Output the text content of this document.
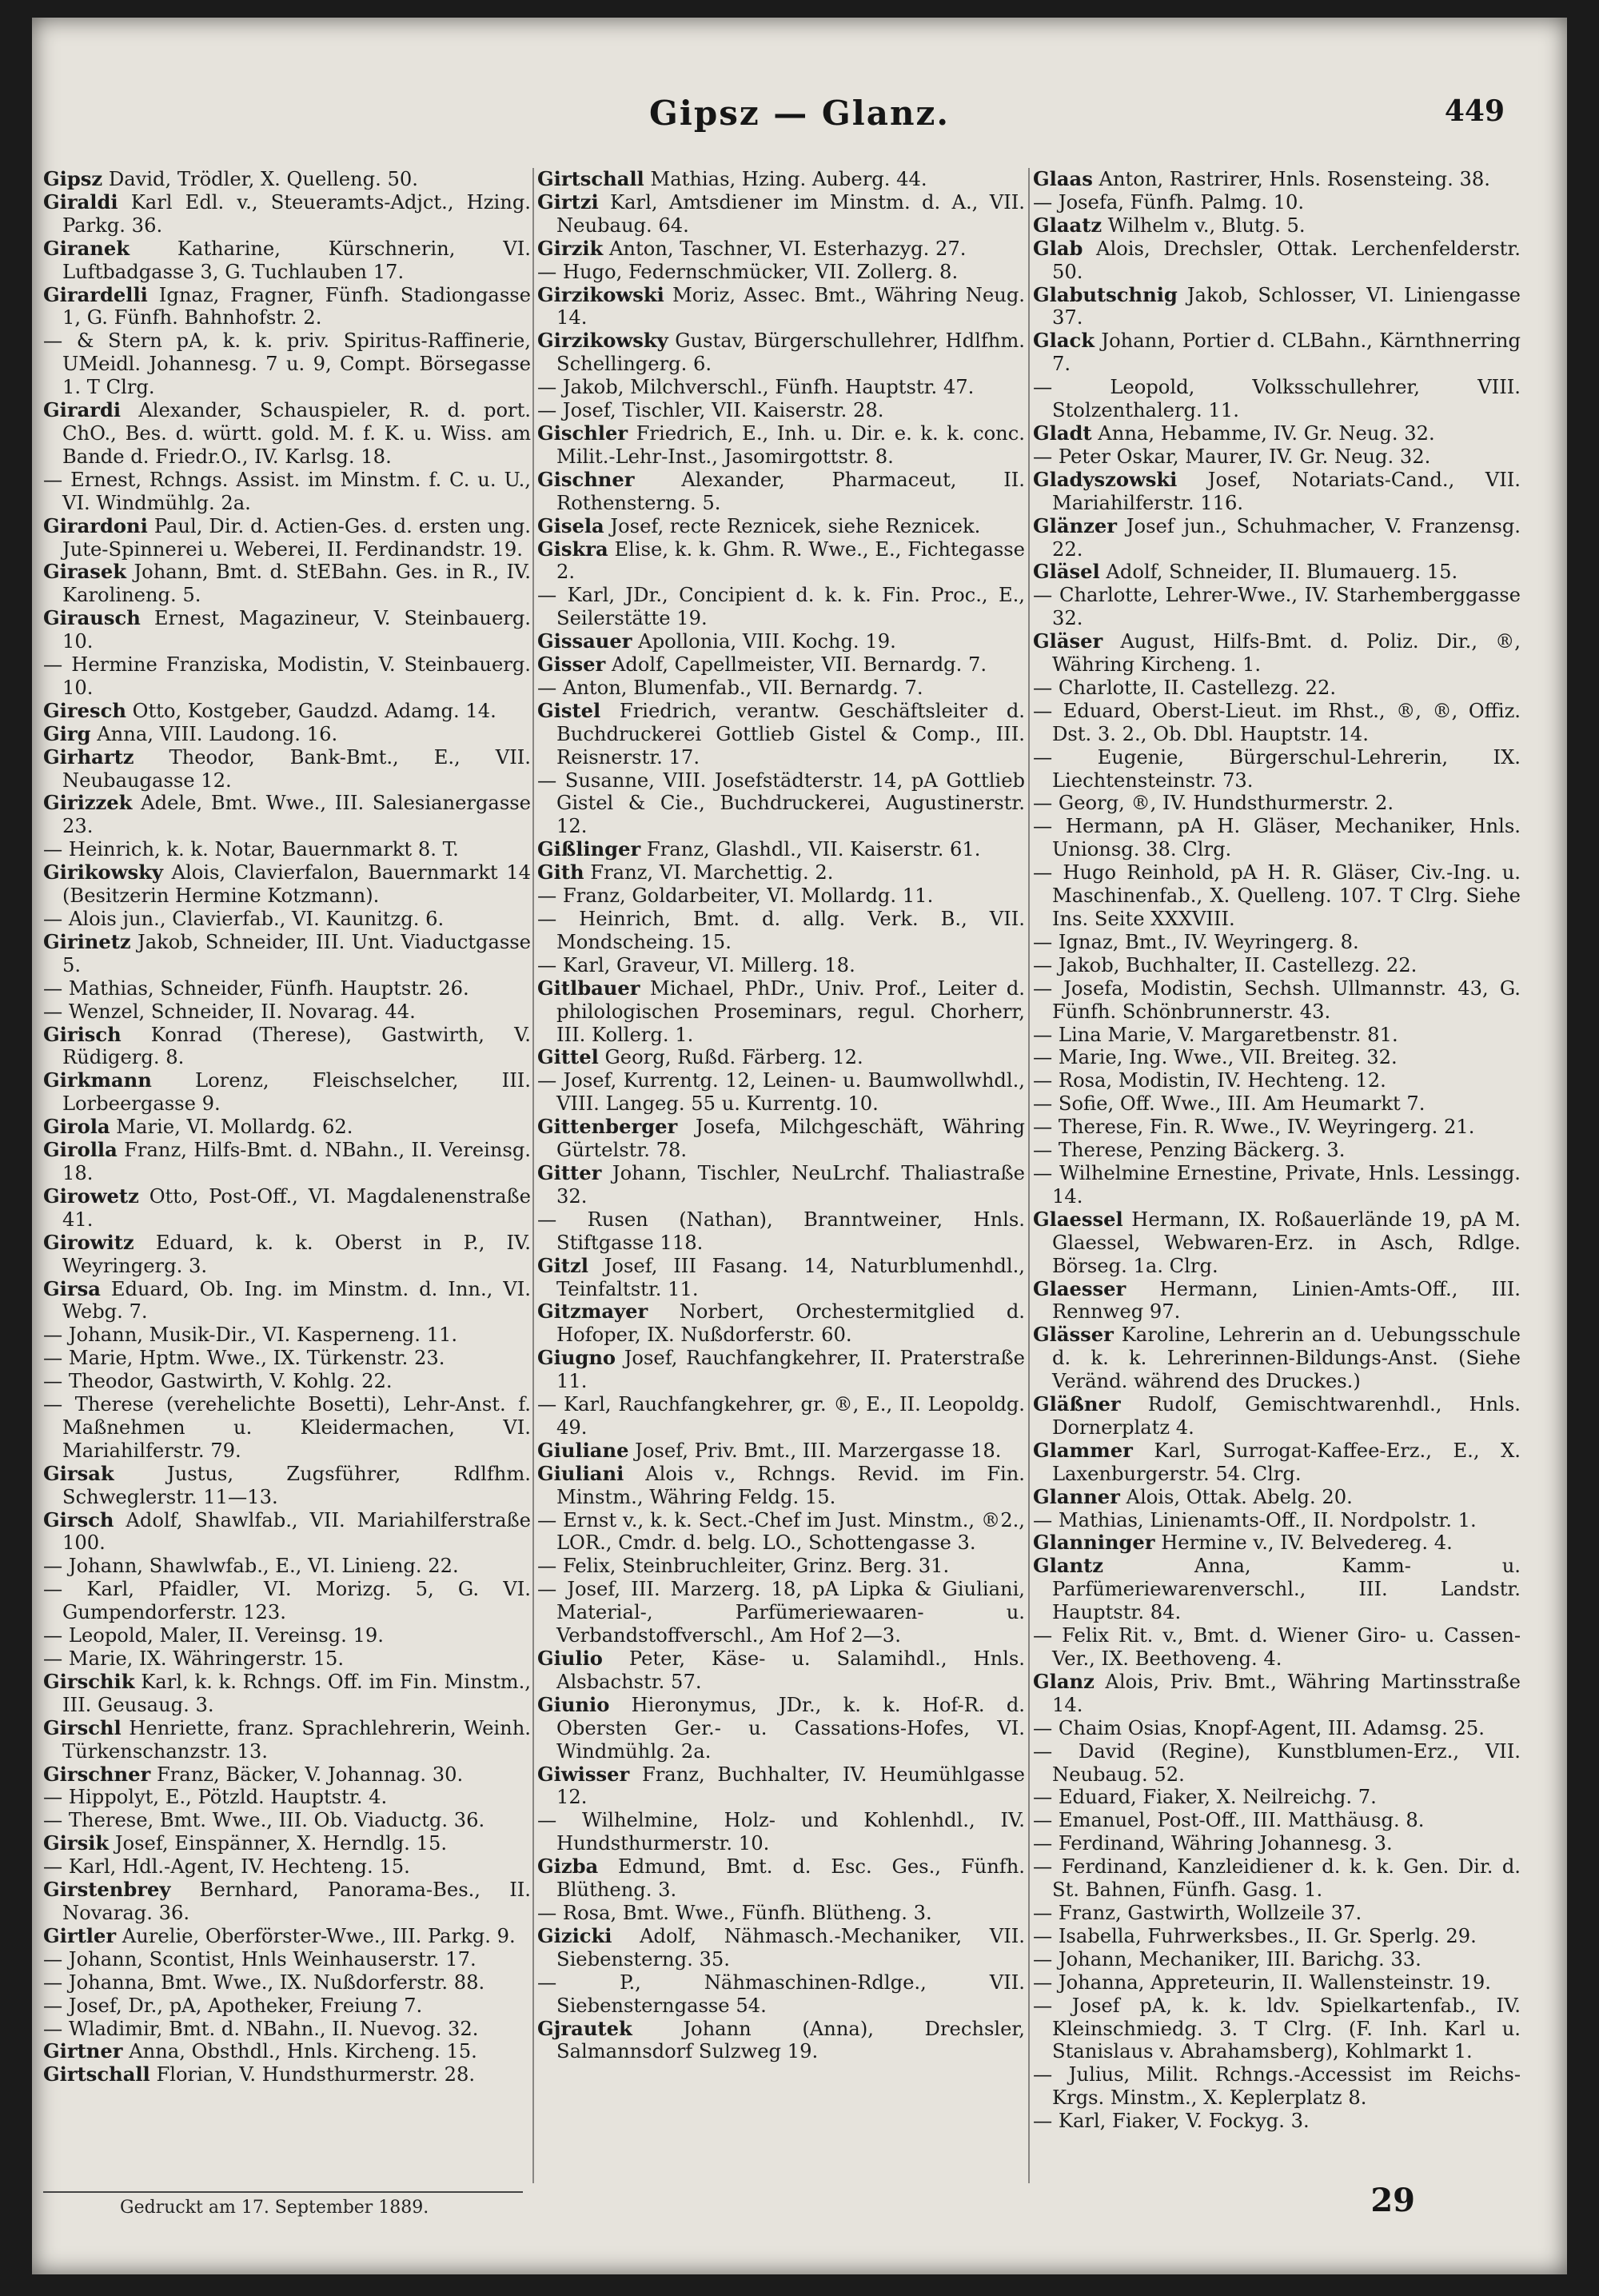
Gipsz — Glanz.	449
Gipsz David, Trödler, X. Quelleng. 50.
Giraldi Karl Edl. v., Steueramts-Adjct., Hzing. Parkg. 36.
Giranek Katharine, Kürschnerin, VI. Luftbadgasse 3, G. Tuchlauben 17.
Girardelli Ignaz, Fragner, Fünfh. Stadiongasse 1, G. Fünfh. Bahnhofstr. 2.
— & Stern pA, k. k. priv. Spiritus-Raffinerie, UMeidl. Johannesg. 7 u. 9, Compt. Börsegasse 1. T Clrg.
Girardi Alexander, Schauspieler, R. d. port. ChO., Bes. d. württ. gold. M. f. K. u. Wiss. am Bande d. Friedr.O., IV. Karlsg. 18.
— Ernest, Rchngs. Assist. im Minstm. f. C. u. U., VI. Windmühlg. 2a.
Girardoni Paul, Dir. d. Actien-Ges. d. ersten ung. Jute-Spinnerei u. Weberei, II. Ferdinandstr. 19.
Girasek Johann, Bmt. d. StEBahn. Ges. in R., IV. Karolineng. 5.
Girausch Ernest, Magazineur, V. Steinbauerg. 10.
— Hermine Franziska, Modistin, V. Steinbauerg. 10.
Giresch Otto, Kostgeber, Gaudzd. Adamg. 14.
Girg Anna, VIII. Laudong. 16.
Girhartz Theodor, Bank-Bmt., E., VII. Neubaugasse 12.
Girizzek Adele, Bmt. Wwe., III. Salesianergasse 23.
— Heinrich, k. k. Notar, Bauernmarkt 8. T.
Girikowsky Alois, Clavierfalon, Bauernmarkt 14 (Besitzerin Hermine Kotzmann).
— Alois jun., Clavierfab., VI. Kaunitzg. 6.
Girinetz Jakob, Schneider, III. Unt. Viaductgasse 5.
— Mathias, Schneider, Fünfh. Hauptstr. 26.
— Wenzel, Schneider, II. Novarag. 44.
Girisch Konrad (Therese), Gastwirth, V. Rüdigerg. 8.
Girkmann Lorenz, Fleischselcher, III. Lorbeergasse 9.
Girola Marie, VI. Mollardg. 62.
Girolla Franz, Hilfs-Bmt. d. NBahn., II. Vereinsg. 18.
Girowetz Otto, Post-Off., VI. Magdalenenstraße 41.
Girowitz Eduard, k. k. Oberst in P., IV. Weyringerg. 3.
Girsa Eduard, Ob. Ing. im Minstm. d. Inn., VI. Webg. 7.
— Johann, Musik-Dir., VI. Kasperneng. 11.
— Marie, Hptm. Wwe., IX. Türkenstr. 23.
— Theodor, Gastwirth, V. Kohlg. 22.
— Therese (verehelichte Bosetti), Lehr-Anst. f. Maßnehmen u. Kleidermachen, VI. Mariahilferstr. 79.
Girsak Justus, Zugsführer, Rdlfhm. Schweglerstr. 11—13.
Girsch Adolf, Shawlfab., VII. Mariahilferstraße 100.
— Johann, Shawlwfab., E., VI. Linieng. 22.
— Karl, Pfaidler, VI. Morizg. 5, G. VI. Gumpendorferstr. 123.
— Leopold, Maler, II. Vereinsg. 19.
— Marie, IX. Währingerstr. 15.
Girschik Karl, k. k. Rchngs. Off. im Fin. Minstm., III. Geusaug. 3.
Girschl Henriette, franz. Sprachlehrerin, Weinh. Türkenschanzstr. 13.
Girschner Franz, Bäcker, V. Johannag. 30.
— Hippolyt, E., Pötzld. Hauptstr. 4.
— Therese, Bmt. Wwe., III. Ob. Viaductg. 36.
Girsik Josef, Einspänner, X. Herndlg. 15.
— Karl, Hdl.-Agent, IV. Hechteng. 15.
Girstenbrey Bernhard, Panorama-Bes., II. Novarag. 36.
Girtler Aurelie, Oberförster-Wwe., III. Parkg. 9.
— Johann, Scontist, Hnls Weinhauserstr. 17.
— Johanna, Bmt. Wwe., IX. Nußdorferstr. 88.
— Josef, Dr., pA, Apotheker, Freiung 7.
— Wladimir, Bmt. d. NBahn., II. Nuevog. 32.
Girtner Anna, Obsthdl., Hnls. Kircheng. 15.
Girtschall Florian, V. Hundsthurmerstr. 28.
Girtschall Mathias, Hzing. Auberg. 44.
Girtzi Karl, Amtsdiener im Minstm. d. A., VII. Neubaug. 64.
Girzik Anton, Taschner, VI. Esterhazyg. 27.
— Hugo, Federnschmücker, VII. Zollerg. 8.
Girzikowski Moriz, Assec. Bmt., Währing Neug. 14.
Girzikowsky Gustav, Bürgerschullehrer, Hdlfhm. Schellingerg. 6.
— Jakob, Milchverschl., Fünfh. Hauptstr. 47.
— Josef, Tischler, VII. Kaiserstr. 28.
Gischler Friedrich, E., Inh. u. Dir. e. k. k. conc. Milit.-Lehr-Inst., Jasomirgottstr. 8.
Gischner Alexander, Pharmaceut, II. Rothensterng. 5.
Gisela Josef, recte Reznicek, siehe Reznicek.
Giskra Elise, k. k. Ghm. R. Wwe., E., Fichtegasse 2.
— Karl, JDr., Concipient d. k. k. Fin. Proc., E., Seilerstätte 19.
Gissauer Apollonia, VIII. Kochg. 19.
Gisser Adolf, Capellmeister, VII. Bernardg. 7.
— Anton, Blumenfab., VII. Bernardg. 7.
Gistel Friedrich, verantw. Geschäftsleiter d. Buchdruckerei Gottlieb Gistel & Comp., III. Reisnerstr. 17.
— Susanne, VIII. Josefstädterstr. 14, pA Gottlieb Gistel & Cie., Buchdruckerei, Augustinerstr. 12.
Gißlinger Franz, Glashdl., VII. Kaiserstr. 61.
Gith Franz, VI. Marchettig. 2.
— Franz, Goldarbeiter, VI. Mollardg. 11.
— Heinrich, Bmt. d. allg. Verk. B., VII. Mondscheing. 15.
— Karl, Graveur, VI. Millerg. 18.
Gitlbauer Michael, PhDr., Univ. Prof., Leiter d. philologischen Proseminars, regul. Chorherr, III. Kollerg. 1.
Gittel Georg, Rußd. Färberg. 12.
— Josef, Kurrentg. 12, Leinen- u. Baumwollwhdl., VIII. Langeg. 55 u. Kurrentg. 10.
Gittenberger Josefa, Milchgeschäft, Währing Gürtelstr. 78.
Gitter Johann, Tischler, NeuLrchf. Thaliastraße 32.
— Rusen (Nathan), Branntweiner, Hnls. Stiftgasse 118.
Gitzl Josef, III Fasang. 14, Naturblumenhdl., Teinfaltstr. 11.
Gitzmayer Norbert, Orchestermitglied d. Hofoper, IX. Nußdorferstr. 60.
Giugno Josef, Rauchfangkehrer, II. Praterstraße 11.
— Karl, Rauchfangkehrer, gr. ®, E., II. Leopoldg. 49.
Giuliane Josef, Priv. Bmt., III. Marzergasse 18.
Giuliani Alois v., Rchngs. Revid. im Fin. Minstm., Währing Feldg. 15.
— Ernst v., k. k. Sect.-Chef im Just. Minstm., ®2., LOR., Cmdr. d. belg. LO., Schottengasse 3.
— Felix, Steinbruchleiter, Grinz. Berg. 31.
— Josef, III. Marzerg. 18, pA Lipka & Giuliani, Material-, Parfümeriewaaren- u. Verbandstoffverschl., Am Hof 2—3.
Giulio Peter, Käse- u. Salamihdl., Hnls. Alsbachstr. 57.
Giunio Hieronymus, JDr., k. k. Hof-R. d. Obersten Ger.- u. Cassations-Hofes, VI. Windmühlg. 2a.
Giwisser Franz, Buchhalter, IV. Heumühlgasse 12.
— Wilhelmine, Holz- und Kohlenhdl., IV. Hundsthurmerstr. 10.
Gizba Edmund, Bmt. d. Esc. Ges., Fünfh. Blütheng. 3.
— Rosa, Bmt. Wwe., Fünfh. Blütheng. 3.
Gizicki Adolf, Nähmasch.-Mechaniker, VII. Siebensterng. 35.
— P., Nähmaschinen-Rdlge., VII. Siebensterngasse 54.
Gjrautek Johann (Anna), Drechsler, Salmannsdorf Sulzweg 19.
Glaas Anton, Rastrirer, Hnls. Rosensteing. 38.
— Josefa, Fünfh. Palmg. 10.
Glaatz Wilhelm v., Blutg. 5.
Glab Alois, Drechsler, Ottak. Lerchenfelderstr. 50.
Glabutschnig Jakob, Schlosser, VI. Liniengasse 37.
Glack Johann, Portier d. CLBahn., Kärnthnerring 7.
— Leopold, Volksschullehrer, VIII. Stolzenthalerg. 11.
Gladt Anna, Hebamme, IV. Gr. Neug. 32.
— Peter Oskar, Maurer, IV. Gr. Neug. 32.
Gladyszowski Josef, Notariats-Cand., VII. Mariahilferstr. 116.
Glänzer Josef jun., Schuhmacher, V. Franzensg. 22.
Gläsel Adolf, Schneider, II. Blumauerg. 15.
— Charlotte, Lehrer-Wwe., IV. Starhemberggasse 32.
Gläser August, Hilfs-Bmt. d. Poliz. Dir., ®, Währing Kircheng. 1.
— Charlotte, II. Castellezg. 22.
— Eduard, Oberst-Lieut. im Rhst., ®, ®, Offiz. Dst. 3. 2., Ob. Dbl. Hauptstr. 14.
— Eugenie, Bürgerschul-Lehrerin, IX. Liechtensteinstr. 73.
— Georg, ®, IV. Hundsthurmerstr. 2.
— Hermann, pA H. Gläser, Mechaniker, Hnls. Unionsg. 38. Clrg.
— Hugo Reinhold, pA H. R. Gläser, Civ.-Ing. u. Maschinenfab., X. Quelleng. 107. T Clrg. Siehe Ins. Seite XXXVIII.
— Ignaz, Bmt., IV. Weyringerg. 8.
— Jakob, Buchhalter, II. Castellezg. 22.
— Josefa, Modistin, Sechsh. Ullmannstr. 43, G. Fünfh. Schönbrunnerstr. 43.
— Lina Marie, V. Margaretbenstr. 81.
— Marie, Ing. Wwe., VII. Breiteg. 32.
— Rosa, Modistin, IV. Hechteng. 12.
— Sofie, Off. Wwe., III. Am Heumarkt 7.
— Therese, Fin. R. Wwe., IV. Weyringerg. 21.
— Therese, Penzing Bäckerg. 3.
— Wilhelmine Ernestine, Private, Hnls. Lessingg. 14.
Glaessel Hermann, IX. Roßauerlände 19, pA M. Glaessel, Webwaren-Erz. in Asch, Rdlge. Börseg. 1a. Clrg.
Glaesser Hermann, Linien-Amts-Off., III. Rennweg 97.
Glässer Karoline, Lehrerin an d. Uebungsschule d. k. k. Lehrerinnen-Bildungs-Anst. (Siehe Veränd. während des Druckes.)
Gläßner Rudolf, Gemischtwarenhdl., Hnls. Dornerplatz 4.
Glammer Karl, Surrogat-Kaffee-Erz., E., X. Laxenburgerstr. 54. Clrg.
Glanner Alois, Ottak. Abelg. 20.
— Mathias, Linienamts-Off., II. Nordpolstr. 1.
Glanninger Hermine v., IV. Belvedereg. 4.
Glantz Anna, Kamm- u. Parfümeriewarenverschl., III. Landstr. Hauptstr. 84.
— Felix Rit. v., Bmt. d. Wiener Giro- u. Cassen-Ver., IX. Beethoveng. 4.
Glanz Alois, Priv. Bmt., Währing Martinsstraße 14.
— Chaim Osias, Knopf-Agent, III. Adamsg. 25.
— David (Regine), Kunstblumen-Erz., VII. Neubaug. 52.
— Eduard, Fiaker, X. Neilreichg. 7.
— Emanuel, Post-Off., III. Matthäusg. 8.
— Ferdinand, Währing Johannesg. 3.
— Ferdinand, Kanzleidiener d. k. k. Gen. Dir. d. St. Bahnen, Fünfh. Gasg. 1.
— Franz, Gastwirth, Wollzeile 37.
— Isabella, Fuhrwerksbes., II. Gr. Sperlg. 29.
— Johann, Mechaniker, III. Barichg. 33.
— Johanna, Appreteurin, II. Wallensteinstr. 19.
— Josef pA, k. k. ldv. Spielkartenfab., IV. Kleinschmiedg. 3. T Clrg. (F. Inh. Karl u. Stanislaus v. Abrahamsberg), Kohlmarkt 1.
— Julius, Milit. Rchngs.-Accessist im Reichs-Krgs. Minstm., X. Keplerplatz 8.
— Karl, Fiaker, V. Fockyg. 3.
Gedruckt am 17. September 1889.	29
